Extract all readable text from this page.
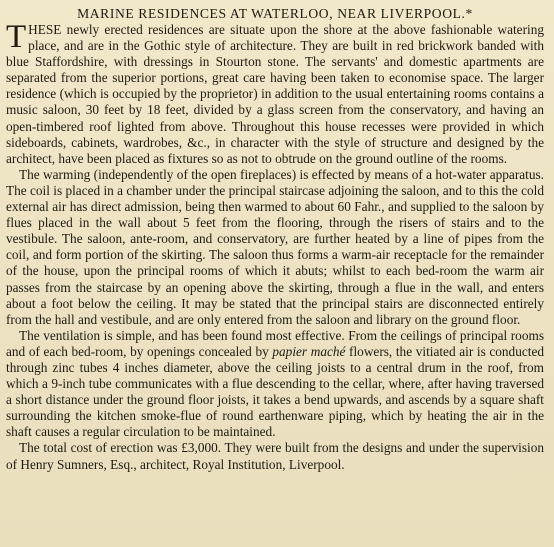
MARINE RESIDENCES AT WATERLOO, NEAR LIVERPOOL.*

THESE newly erected residences are situate upon the shore at the above fashionable watering place, and are in the Gothic style of architecture. They are built in red brickwork banded with blue Staffordshire, with dressings in Stourton stone. The servants' and domestic apartments are separated from the superior portions, great care having been taken to economise space. The larger residence (which is occupied by the proprietor) in addition to the usual entertaining rooms contains a music saloon, 30 feet by 18 feet, divided by a glass screen from the conservatory, and having an open-timbered roof lighted from above. Throughout this house recesses were provided in which sideboards, cabinets, wardrobes, &c., in character with the style of structure and designed by the architect, have been placed as fixtures so as not to obtrude on the ground outline of the rooms.

The warming (independently of the open fireplaces) is effected by means of a hot-water apparatus. The coil is placed in a chamber under the principal staircase adjoining the saloon, and to this the cold external air has direct admission, being then warmed to about 60 Fahr., and supplied to the saloon by flues placed in the wall about 5 feet from the flooring, through the risers of stairs and to the vestibule. The saloon, ante-room, and conservatory, are further heated by a line of pipes from the coil, and form portion of the skirting. The saloon thus forms a warm-air receptacle for the remainder of the house, upon the principal rooms of which it abuts; whilst to each bed-room the warm air passes from the staircase by an opening above the skirting, through a flue in the wall, and enters about a foot below the ceiling. It may be stated that the principal stairs are disconnected entirely from the hall and vestibule, and are only entered from the saloon and library on the ground floor.

The ventilation is simple, and has been found most effective. From the ceilings of principal rooms and of each bed-room, by openings concealed by papier maché flowers, the vitiated air is conducted through zinc tubes 4 inches diameter, above the ceiling joists to a central drum in the roof, from which a 9-inch tube communicates with a flue descending to the cellar, where, after having traversed a short distance under the ground floor joists, it takes a bend upwards, and ascends by a square shaft surrounding the kitchen smoke-flue of round earthenware piping, which by heating the air in the shaft causes a regular circulation to be maintained.

The total cost of erection was £3,000. They were built from the designs and under the supervision of Henry Sumners, Esq., architect, Royal Institution, Liverpool.
